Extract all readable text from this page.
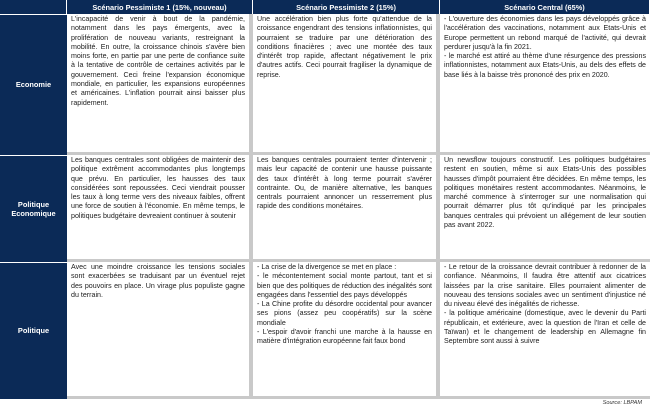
Scénario Pessimiste 1 (15%, nouveau)	Scénario Pessimiste 2 (15%)	Scénario Central (65%)
Economie

L'incapacité de venir à bout de la pandémie, notamment dans les pays émergents, avec la prolifération de nouveau variants, restreignant la mobilité. En outre, la croissance chinois s'avère bien moins forte, en partie par une perte de confiance suite à la tentative de contrôle de certaines activités par le gouvernement. Ceci freine l'expansion économique mondiale, en particulier, les expansions européennes et américaines. L'inflation pourrait ainsi baisser plus rapidement.

Une accélération bien plus forte qu'attendue de la croissance engendrant des tensions inflationnistes, qui pourraient se traduire par une détérioration des conditions finacières ; avec une montée des taux d'intérêt trop rapide, affectant négativement le prix d'autres actifs. Ceci pourrait fragiliser la dynamique de reprise.

- L'ouverture des économies dans les pays développés grâce à l'accélération des vaccinations, notamment aux Etats-Unis et Europe permettent un rebond marqué de l'activité, qui devrait perdurer jusqu'à la fin 2021.
- le marché est attiré au thème d'une résurgence des pressions inflationnistes, notamment aux Etats-Unis, au dels des effets de base liés à la baisse très prononcé des prix en 2020.

Politique Economique

Les banques centrales sont obligées de maintenir des politique extrêment accommodantes plus longtemps que prévu. En particulier, les hausses des taux considérées sont repoussées. Ceci viendrait pousser les taux à long terme vers des niveaux faibles, offrent une force de soutien à l'économie. En même temps, le politiques budgétaire devreaient continuer à soutenir

Les banques centrales pourraient tenter d'intervenir ; mais leur capacité de contenir une hausse puissante des taux d'intérêt à long terme pourrait s'avérer contrainte. Ou, de manière alternative, les banques centrals pourraient annoncer un resserrement plus rapide des conditions monétaires.

Un newsflow toujours constructif. Les politiques budgétaires restent en soutien, même si aux Etats-Unis des possibles hausses d'impôt pourraient être décidées. En même temps, les politiques monétaires restent accommodantes. Néanmoins, le marché commence à s'interroger sur une normalisation qui pourrait démarrer plus tôt qu'indiqué par les principales banques centrales qui prévoient un allégement de leur soutien pas avant 2022.

Politique

Avec une moindre croissance les tensions sociales sont exacerbées se traduisant par un éventuel rejet des pouvoirs en place. Un virage plus populiste gagne du terrain.

- La crise de la divergence se met en place :
- le mécontentement social monte partout, tant et si bien que des politiques de réduction des inégalités sont engagées dans l'essentiel des pays développés
- La Chine profite du désordre occidental pour avancer ses pions (assez peu coopératifs) sur la scène mondiale
- L'espoir d'avoir franchi une marche à la hausse en matière d'intégration européenne fait faux bond

- Le retour de la croissance devrait contribuer à redonner de la confiance. Néanmoins, Il faudra être attentif aux cicatrices laissées par la crise sanitaire. Elles pourraient alimenter de nouveau des tensions sociales avec un sentiment d'injustice né du niveau élevé des inégalités de richesse.
- la politique américaine (domestique, avec le devenir du Parti républicain, et extérieure, avec la question de l'Iran et celle de Taïwan) et le changement de leadership en Allemagne fin Septembre sont aussi à suivre

Source: LBPAM
